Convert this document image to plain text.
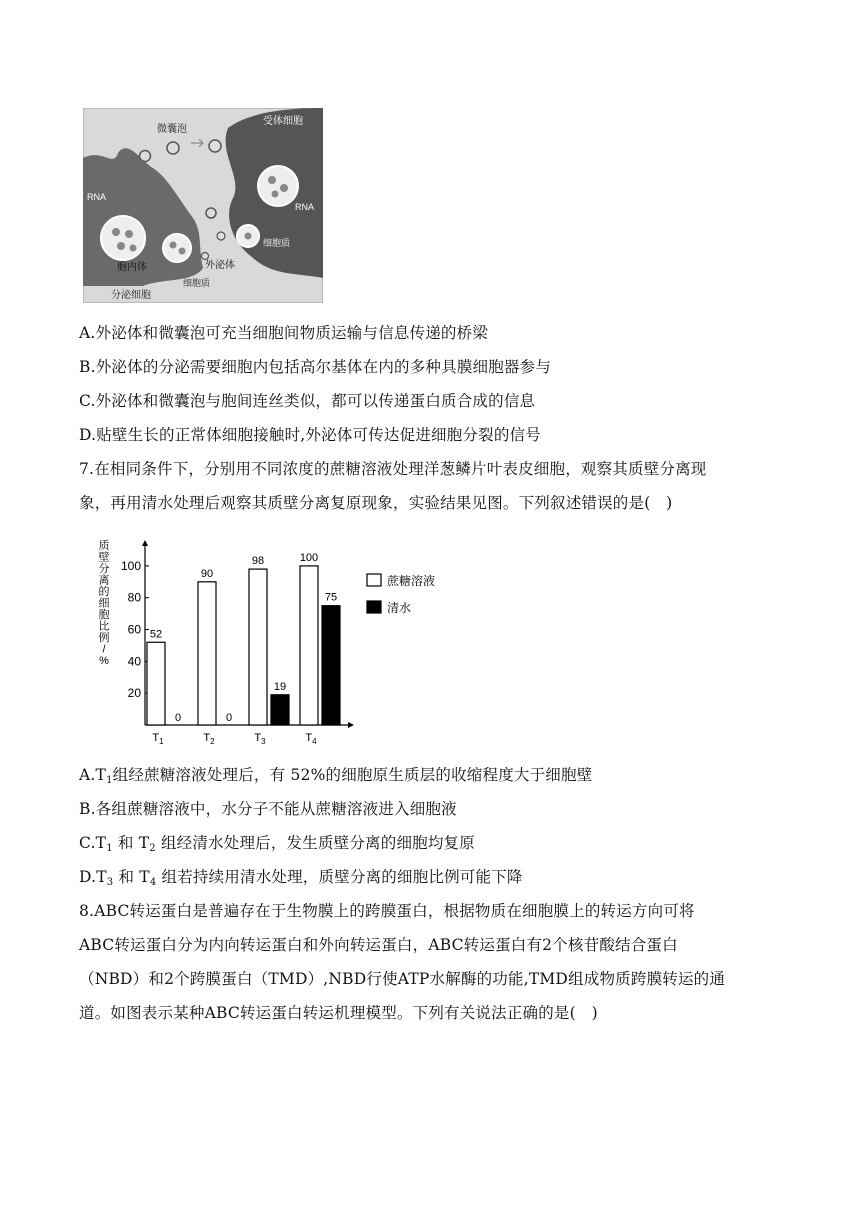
微囊泡
受体细胞
RNA
RNA
胞内体
细胞质
外泌体
细胞质
分泌细胞
A.外泌体和微囊泡可充当细胞间物质运输与信息传递的桥梁
B.外泌体的分泌需要细胞内包括高尔基体在内的多种具膜细胞器参与
C.外泌体和微囊泡与胞间连丝类似，都可以传递蛋白质合成的信息
D.贴壁生长的正常体细胞接触时,外泌体可传达促进细胞分裂的信号
7.在相同条件下，分别用不同浓度的蔗糖溶液处理洋葱鳞片叶表皮细胞，观察其质壁分离现
象，再用清水处理后观察其质壁分离复原现象，实验结果见图。下列叙述错误的是(　)
20
40
60
80
100
质
壁
分
离
的
细
胞
比
例
/
%
52
0
$T_1$
90
0
$T_2$
98
19
$T_3$
100
75
$T_4$
蔗糖溶液
清水
$A.T_1$组经蔗糖溶液处理后，有 52%的细胞原生质层的收缩程度大于细胞壁
B.各组蔗糖溶液中，水分子不能从蔗糖溶液进入细胞液
$C.T_1$ 和 $T_2$ 组经清水处理后，发生质壁分离的细胞均复原
$D.T_3$ 和 $T_4$ 组若持续用清水处理，质壁分离的细胞比例可能下降
8.ABC转运蛋白是普遍存在于生物膜上的跨膜蛋白，根据物质在细胞膜上的转运方向可将
ABC转运蛋白分为内向转运蛋白和外向转运蛋白，ABC转运蛋白有2个核苷酸结合蛋白
（NBD）和2个跨膜蛋白（TMD）,NBD行使ATP水解酶的功能,TMD组成物质跨膜转运的通
道。如图表示某种ABC转运蛋白转运机理模型。下列有关说法正确的是(　)
